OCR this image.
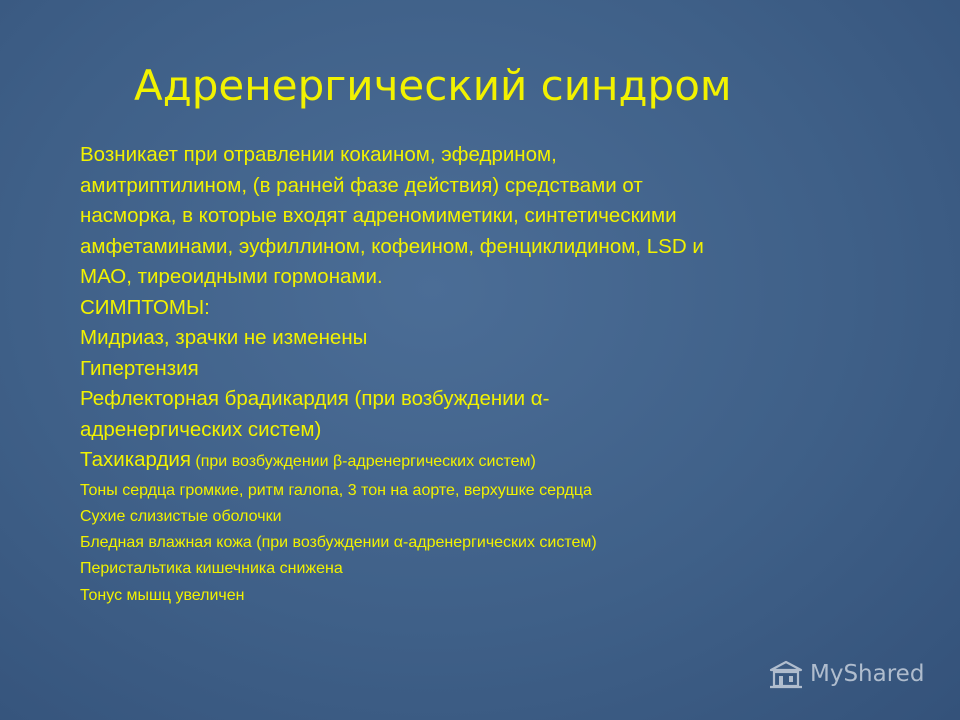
Адренергический синдром
Возникает при отравлении кокаином, эфедрином,
амитриптилином, (в ранней фазе действия) средствами от
насморка, в которые входят адреномиметики, синтетическими
амфетаминами, эуфиллином, кофеином, фенциклидином, LSD и
МАО, тиреоидными гормонами.
СИМПТОМЫ:
Мидриаз, зрачки не изменены
Гипертензия
Рефлекторная брадикардия (при возбуждении α-
адренергических систем)
Тахикардия (при возбуждении β-адренергических систем)
Тоны сердца громкие, ритм галопа, 3 тон на аорте, верхушке сердца
Сухие слизистые оболочки
Бледная влажная кожа (при возбуждении α-адренергических систем)
Перистальтика кишечника снижена
Тонус мышц увеличен
MyShared
